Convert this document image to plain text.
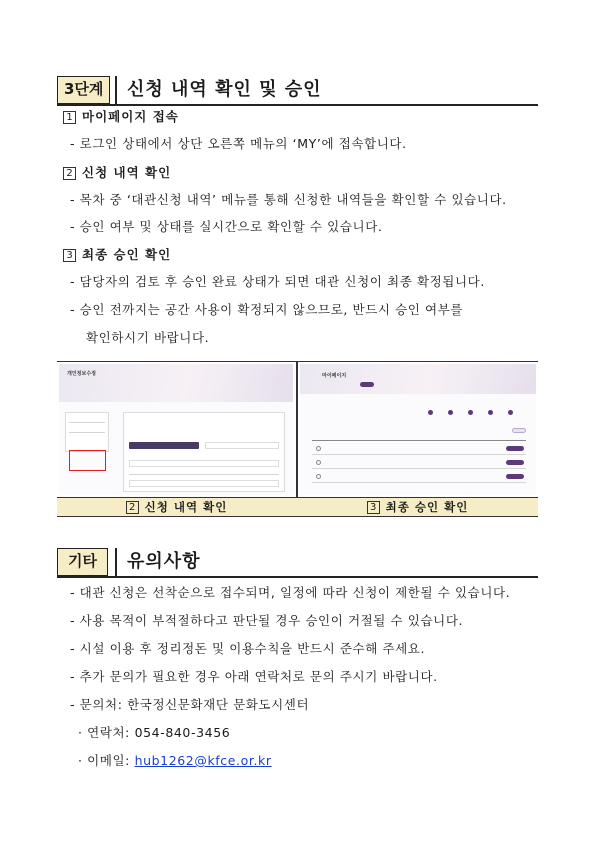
3단계	신청 내역 확인 및 승인
1 마이페이지 접속
- 로그인 상태에서 상단 오른쪽 메뉴의 ‘MY’에 접속합니다.
2 신청 내역 확인
- 목차 중 ‘대관신청 내역’ 메뉴를 통해 신청한 내역들을 확인할 수 있습니다.
- 승인 여부 및 상태를 실시간으로 확인할 수 있습니다.
3 최종 승인 확인
- 담당자의 검토 후 승인 완료 상태가 되면 대관 신청이 최종 확정됩니다.
- 승인 전까지는 공간 사용이 확정되지 않으므로, 반드시 승인 여부를
확인하시기 바랍니다.
개인정보수정	마이페이지
2 신청 내역 확인	3 최종 승인 확인
기타	유의사항
- 대관 신청은 선착순으로 접수되며, 일정에 따라 신청이 제한될 수 있습니다.
- 사용 목적이 부적절하다고 판단될 경우 승인이 거절될 수 있습니다.
- 시설 이용 후 정리정돈 및 이용수칙을 반드시 준수해 주세요.
- 추가 문의가 필요한 경우 아래 연락처로 문의 주시기 바랍니다.
- 문의처: 한국정신문화재단 문화도시센터
· 연락처: 054-840-3456
· 이메일: hub1262@kfce.or.kr
